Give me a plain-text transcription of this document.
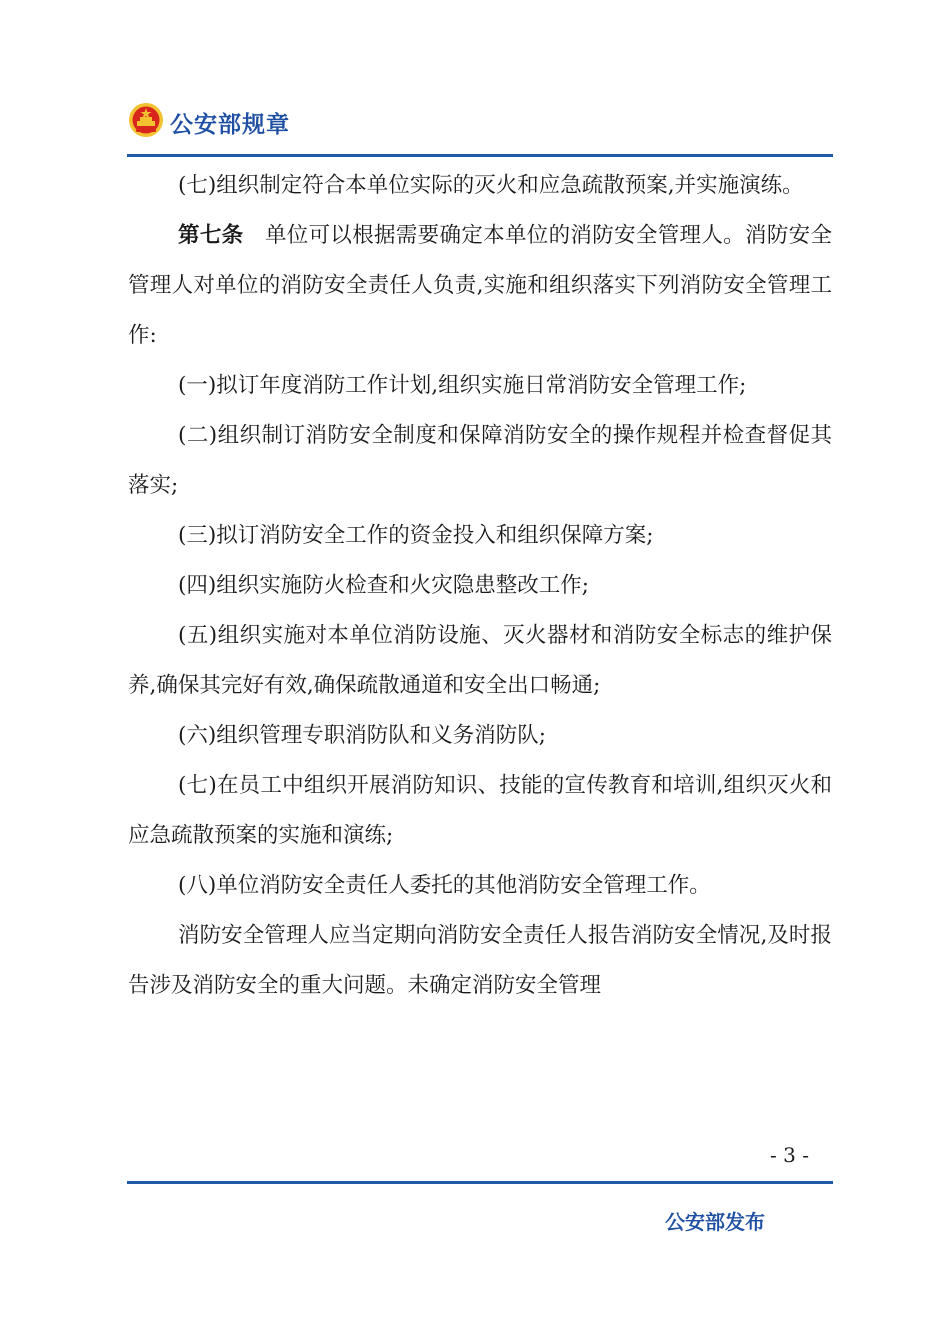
公安部规章
(七)组织制定符合本单位实际的灭火和应急疏散预案,并实施演练。
第七条 单位可以根据需要确定本单位的消防安全管理人。消防安全管理人对单位的消防安全责任人负责,实施和组织落实下列消防安全管理工作:
(一)拟订年度消防工作计划,组织实施日常消防安全管理工作;
(二)组织制订消防安全制度和保障消防安全的操作规程并检查督促其落实;
(三)拟订消防安全工作的资金投入和组织保障方案;
(四)组织实施防火检查和火灾隐患整改工作;
(五)组织实施对本单位消防设施、灭火器材和消防安全标志的维护保养,确保其完好有效,确保疏散通道和安全出口畅通;
(六)组织管理专职消防队和义务消防队;
(七)在员工中组织开展消防知识、技能的宣传教育和培训,组织灭火和应急疏散预案的实施和演练;
(八)单位消防安全责任人委托的其他消防安全管理工作。
消防安全管理人应当定期向消防安全责任人报告消防安全情况,及时报告涉及消防安全的重大问题。未确定消防安全管理
- 3 -
公安部发布
